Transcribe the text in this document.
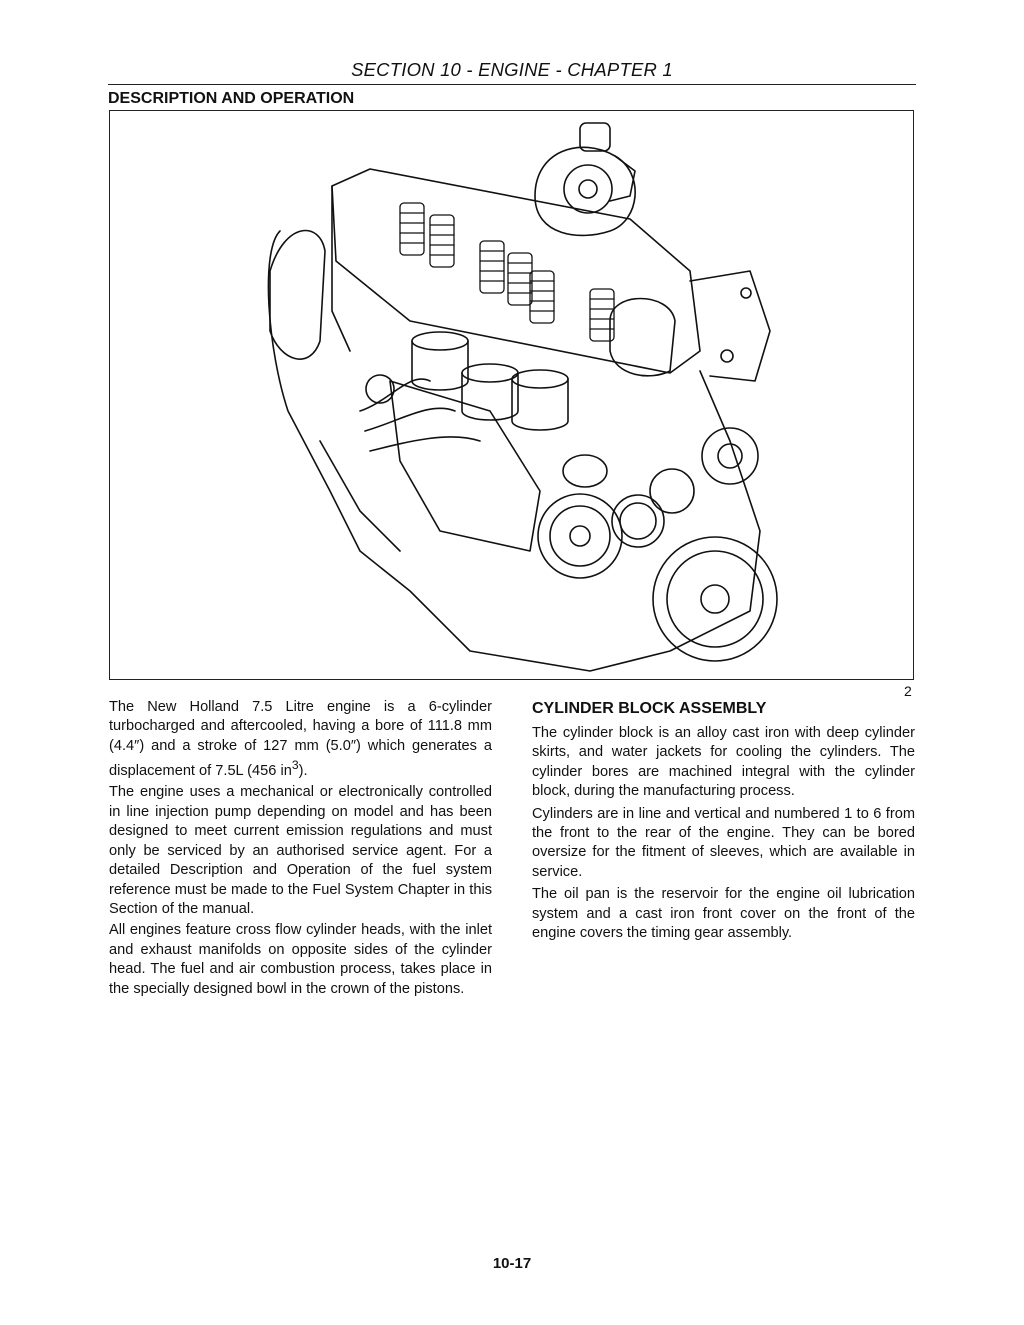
SECTION 10 - ENGINE - CHAPTER 1
DESCRIPTION AND OPERATION
2

The New Holland 7.5 Litre engine is a 6-cylinder turbocharged and aftercooled, having a bore of 111.8 mm (4.4″) and a stroke of 127 mm (5.0″) which generates a displacement of 7.5L (456 $in^3$).

The engine uses a mechanical or electronically controlled in line injection pump depending on model and has been designed to meet current emission regulations and must only be serviced by an authorised service agent. For a detailed Description and Operation of the fuel system reference must be made to the Fuel System Chapter in this Section of the manual.

All engines feature cross flow cylinder heads, with the inlet and exhaust manifolds on opposite sides of the cylinder head. The fuel and air combustion process, takes place in the specially designed bowl in the crown of the pistons.

CYLINDER BLOCK ASSEMBLY

The cylinder block is an alloy cast iron with deep cylinder skirts, and water jackets for cooling the cylinders. The cylinder bores are machined integral with the cylinder block, during the manufacturing process.

Cylinders are in line and vertical and numbered 1 to 6 from the front to the rear of the engine. They can be bored oversize for the fitment of sleeves, which are available in service.

The oil pan is the reservoir for the engine oil lubrication system and a cast iron front cover on the front of the engine covers the timing gear assembly.

10-17
